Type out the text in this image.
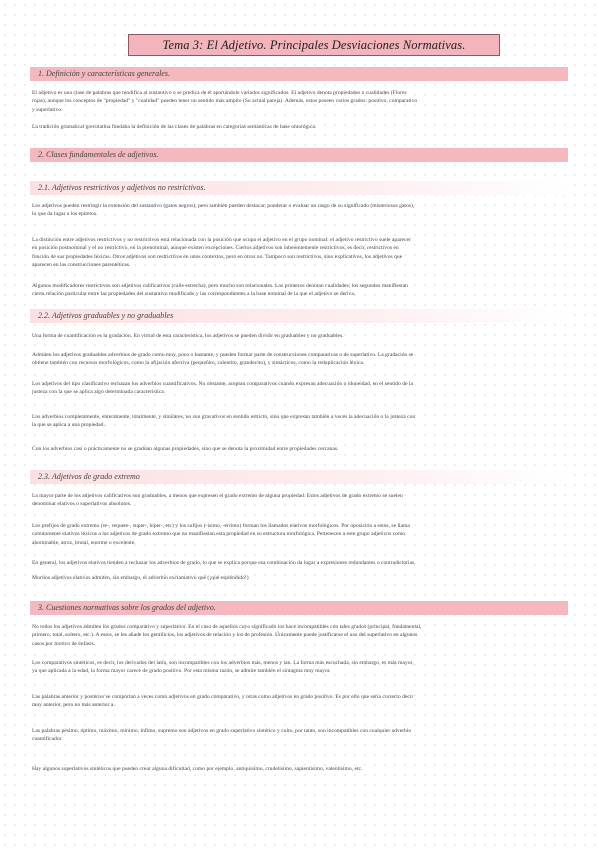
Tema 3: El Adjetivo. Principales Desviaciones Normativas.
1. Definición y características generales.
El adjetivo es una clase de palabras que modifica al sustantivo o se predica de él aportándole variados significados. El adjetivo denota propiedades o cualidades (Flores
rojas), aunque los conceptos de "propiedad" y "cualidad" pueden tener un sentido más amplio (Su actual pareja). Además, estos poseen varios grados: positivo, comparativo
y superlativo.
La tradición gramatical grecolatina fundaba la definición de las clases de palabras en categorías semánticas de base ontológica.
2. Clases fundamentales de adjetivos.
2.1. Adjetivos restrictivos y adjetivos no restrictivos.
Los adjetivos pueden restringir la extensión del sustantivo (gatos negros), pero también pueden destacar, ponderar o evaluar un rasgo de su significado (misteriosos gatos),
lo que da lugar a los epítetos.
La distinción entre adjetivos restrictivos y no restrictivos está relacionada con la posición que ocupa el adjetivo en el grupo nominal: el adjetivo restrictivo suele aparecer
en posición postnominal y el no restrictivo, en la prenominal, aunque existen excepciones. Ciertos adjetivos son inherentemente restrictivos, es decir, restrictivos en
función de sus propiedades léxicas. Otros adjetivos son restrictivos en unos contextos, pero en otros no. Tampoco son restrictivos, sino explicativos, los adjetivos que
aparecen en las construcciones parentéticas.
Algunos modificadores restrictivos son adjetivos calificativos (calle estrecha), pero mucho son relacionales. Los primeros denotan cualidades; los segundos manifiestan
cierta relación particular entre las propiedades del sustantivo modificado y las correspondientes a la base nominal de la que el adjetivo se deriva.
2.2. Adjetivos graduables y no graduables
Una forma de cuantificación es la gradación. En virtud de esta característica, los adjetivos se pueden dividir en graduables y no graduables.
Admiten los adjetivos graduables adverbios de grado como muy, poco o bastante, y pueden formar parte de construcciones comparativas o de superlativo. La gradación se
obtiene también con recursos morfológicos, como la afijación afectiva (pequeñito, calentito, grandecito), y sintácticos, como la reduplicación léxica.
Los adjetivos del tipo clasificativo rechazan los adverbios cuantificativos. No obstante, aceptan comparativos cuando expresan adecuación o idoneidad, en el sentido de la
justeza con la que se aplica algo determinada característica.
Los adverbios completamente, enteramente, totalmente, y similares, no son gravativos en sentido estricto, sino que expresan también a veces la adecuación o la justeza con
la que se aplica a una propiedad.
Con los adverbios casi o prácticamente no se gradúan algunas propiedades, sino que se denota la proximidad entre propiedades cercanas.
2.3. Adjetivos de grado extremo
La mayor parte de los adjetivos calificativos son graduables, a menos que expresen el grado extremo de alguna propiedad. Estos adjetivos de grado extremo se suelen
denominar elativos o superlativos absolutos.
Los prefijos de grado extremo (re-, requete-, super-, híper-, etc) y los sufijos (-ísimo, -érrimo) forman los llamados elativos morfológicos. Por oposición a estos, se llama
comúnmente elativos léxicos a los adjetivos de grado extremo que no manifiestan esta propiedad en su estructura morfológica. Pertenecen a este grupo adjetivos como
abominable, atroz, brutal, enorme o excelente.
En general, los adjetivos elativos tienden a rechazar los adverbios de grado, lo que se explica porque esa combinación da lugar a expresiones redundantes o contradictorias.
Muchos adjetivos elativos admiten, sin embargo, el adverbio exclamativo qué (¡qué espléndido!)
3. Cuestiones normativas sobre los grados del adjetivo.
No todos los adjetivos admiten los grados comparativo y superlativo. En el caso de aquellos cuyo significado los hace incompatibles con tales grados (principal, fundamental,
primero, total, soltero, etc.). A estos, se les añade los gentilicios, los adjetivos de relación y los de profesión. Únicamente puede justificarse el uso del superlativo en algunos
casos por motivo de énfasis.
Los comparativos sintéticos, es decir, los derivados del latín, son incompatibles con los adverbios más, menos y tan. La forma más escuchada, sin embargo, es más mayor,
ya que aplicada a la edad, la forma mayor carece de grado positivo. Por esta misma razón, se admite también el sintagma muy mayor.
Las palabras anterior y posterior se comportan a veces como adjetivos en grado comparativo, y otras como adjetivos en grado positivo. Es por ello que sería correcto decir
muy anterior, pero no más anterior a.
Las palabras pésimo, óptimo, máximo, mínimo, ínfimo, supremo son adjetivos en grado superlativo sintético y culto, por tanto, son incompatibles con cualquier adverbio
cuantificador.
Hay algunos superlativos sintéticos que pueden crear alguna dificultad, como por ejemplo, antiquísimo, crudelísimo, sapientísimo, valentísimo, etc.
